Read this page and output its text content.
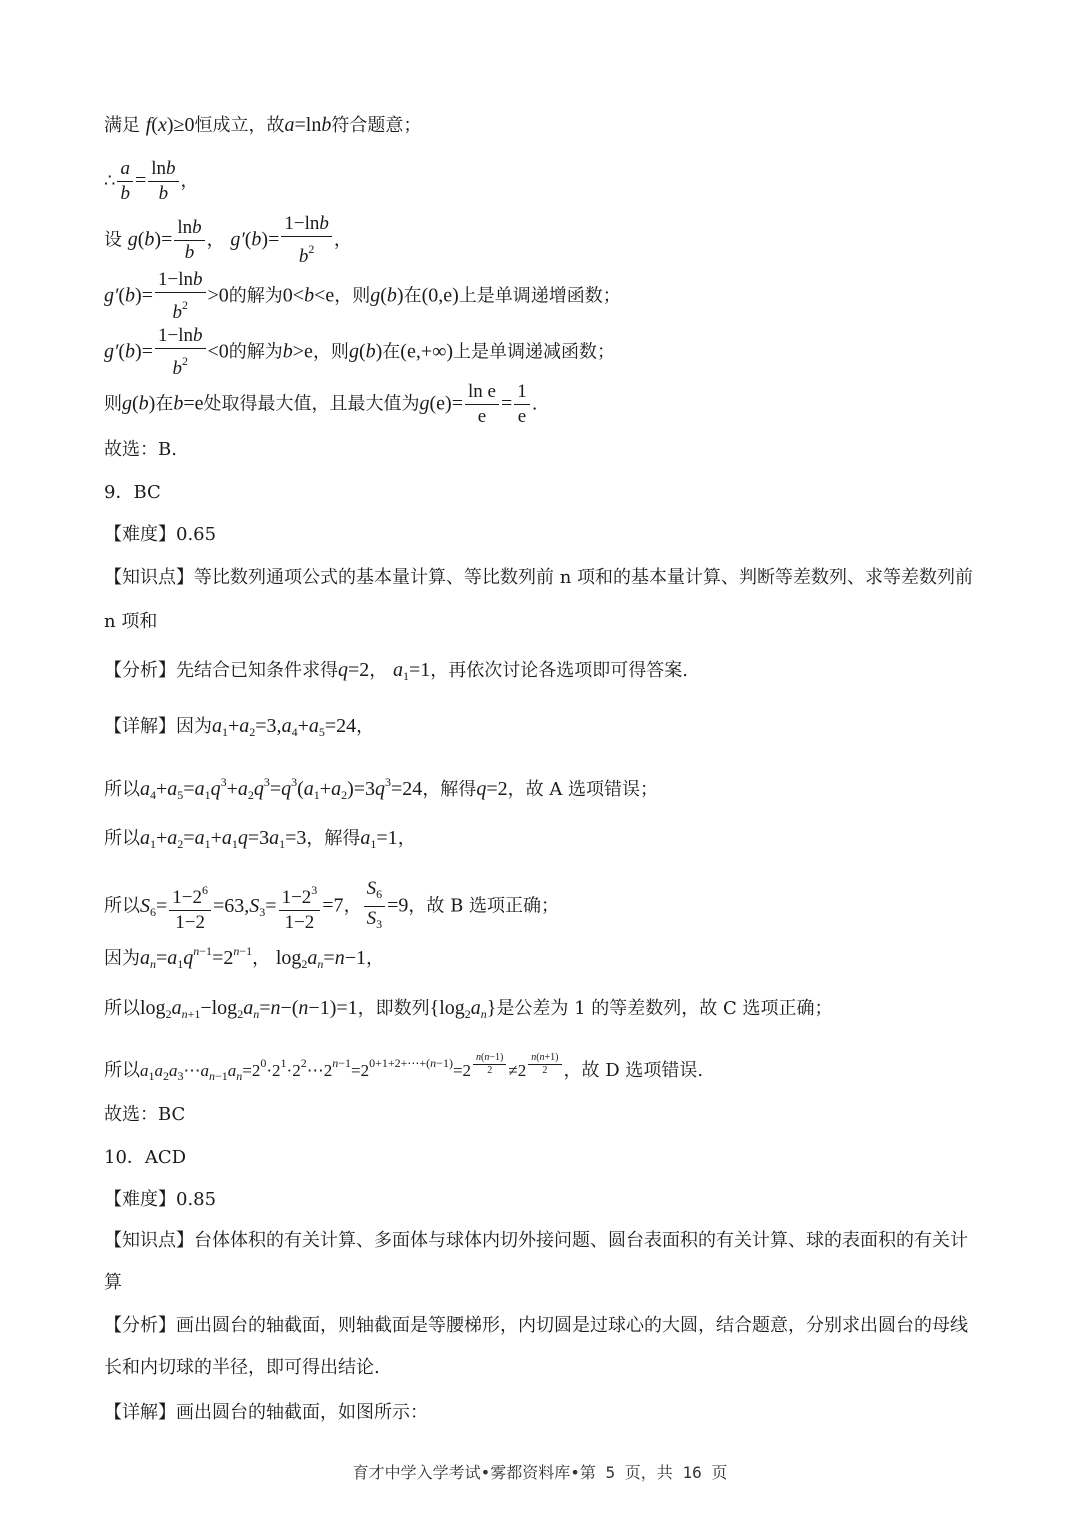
满足 f(x)≥0恒成立，故a=lnb符合题意；
∴ $\frac{a}{b} = \frac{\ln b}{b}$ ，
设 $g(b)= \frac{\ln b}{b}$ ， $g'(b)= \frac{1-\ln b}{b^2}$ ，
$g'(b)= \frac{1-\ln b}{b^2} >0$的解为0<b<e，则g(b)在(0,e)上是单调递增函数；
$g'(b)= \frac{1-\ln b}{b^2} <0$的解为b>e，则g(b)在(e,+∞)上是单调递减函数；
则g(b)在b=e处取得最大值，且最大值为$g(e)= \frac{\text{ln e}}{e} = \frac{1}{e}$ .
故选：B.
9．BC
【难度】0.65
【知识点】等比数列通项公式的基本量计算、等比数列前 n 项和的基本量计算、判断等差数列、求等差数列前 n 项和
【分析】先结合已知条件求得q=2， $a_1=1$，再依次讨论各选项即可得答案.
【详解】因为$a_1+a_2=3,a_4+a_5=24$，
所以$a_4+a_5=a_1q^3+a_2q^3=q^3(a_1+a_2)=3q^3=24$，解得q=2，故 A 选项错误；
所以$a_1+a_2=a_1+a_1q=3a_1=3$，解得$a_1=1$，
所以$S_6= \frac{1-2^6}{1-2} =63,S_3= \frac{1-2^3}{1-2} =7$， $\frac{S_6}{S_3} =9$，故 B 选项正确；
因为$a_n=a_1q^{n-1}=2^{n-1}$， $\log_2a_n=n-1$，
所以$\log_2a_{n+1}-\log_2a_n=n-(n-1)=1$，即数列$\{\log_2a_n\}$是公差为 1 的等差数列，故 C 选项正确；
所以$a_1a_2a_3\cdots a_{n-1}a_n=2^0\cdot 2^1\cdot 2^2\cdots 2^{n-1}=2^{0+1+2+\cdots+(n-1)}=2$ $^{\frac{n(n-1)}{2}}$ ≠2 $^{\frac{n(n+1)}{2}}$ ，故 D 选项错误.
故选：BC
10．ACD
【难度】0.85
【知识点】台体体积的有关计算、多面体与球体内切外接问题、圆台表面积的有关计算、球的表面积的有关计算
【分析】画出圆台的轴截面，则轴截面是等腰梯形，内切圆是过球心的大圆，结合题意，分别求出圆台的母线长和内切球的半径，即可得出结论.
【详解】画出圆台的轴截面，如图所示：
育才中学入学考试•雾都资料库•第 5 页，共 16 页
